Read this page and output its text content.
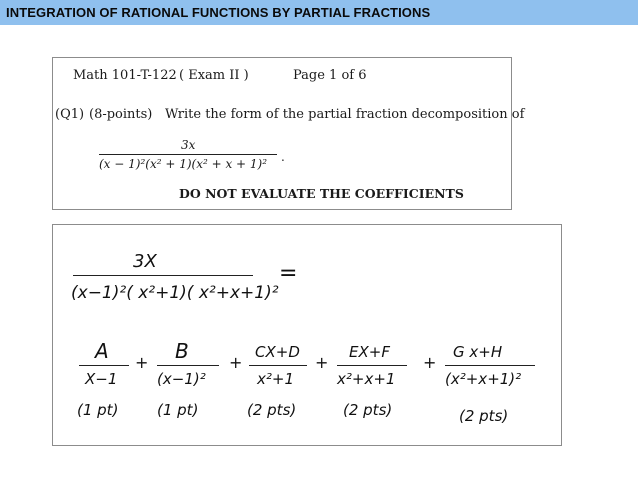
INTEGRATION OF RATIONAL FUNCTIONS BY PARTIAL FRACTIONS
Math 101-T-122 ( Exam II )	Page 1 of 6
(Q1) (8-points) Write the form of the partial fraction decomposition of
3x
(x − 1)²(x² + 1)(x² + x + 1)² .
DO NOT EVALUATE THE COEFFICIENTS
3X
(x−1)²( x²+1)( x²+x+1)²
=
A
X−1
(1 pt)
+ B
(x−1)²
(1 pt)
+
CX+D
x²+1
(2 pts)
+
EX+F
x²+x+1
(2 pts)
+
G x+H
(x²+x+1)²
(2 pts)
